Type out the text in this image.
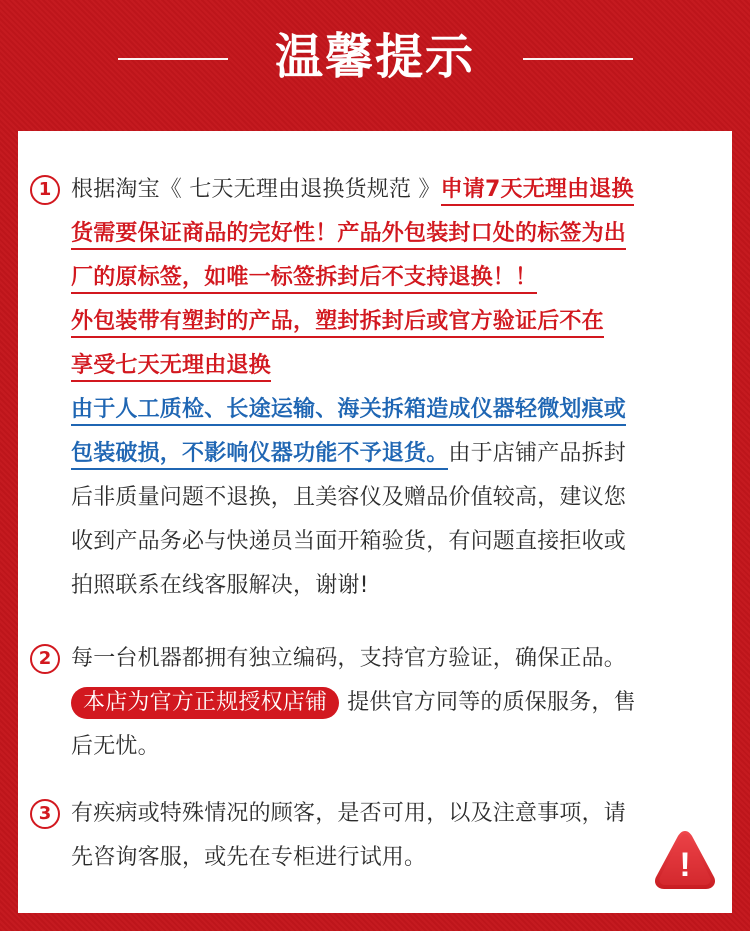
温馨提示
1 根据淘宝《 七天无理由退换货规范 》申请7天无理由退换
货需要保证商品的完好性！产品外包装封口处的标签为出
厂的原标签，如唯一标签拆封后不支持退换！！
外包装带有塑封的产品，塑封拆封后或官方验证后不在
享受七天无理由退换
由于人工质检、长途运输、海关拆箱造成仪器轻微划痕或
包装破损，不影响仪器功能不予退货。由于店铺产品拆封
后非质量问题不退换，且美容仪及赠品价值较高，建议您
收到产品务必与快递员当面开箱验货，有问题直接拒收或
拍照联系在线客服解决，谢谢!
2 每一台机器都拥有独立编码，支持官方验证，确保正品。
本店为官方正规授权店铺 提供官方同等的质保服务，售
后无忧。
3 有疾病或特殊情况的顾客，是否可用，以及注意事项，请
先咨询客服，或先在专柜进行试用。	!
